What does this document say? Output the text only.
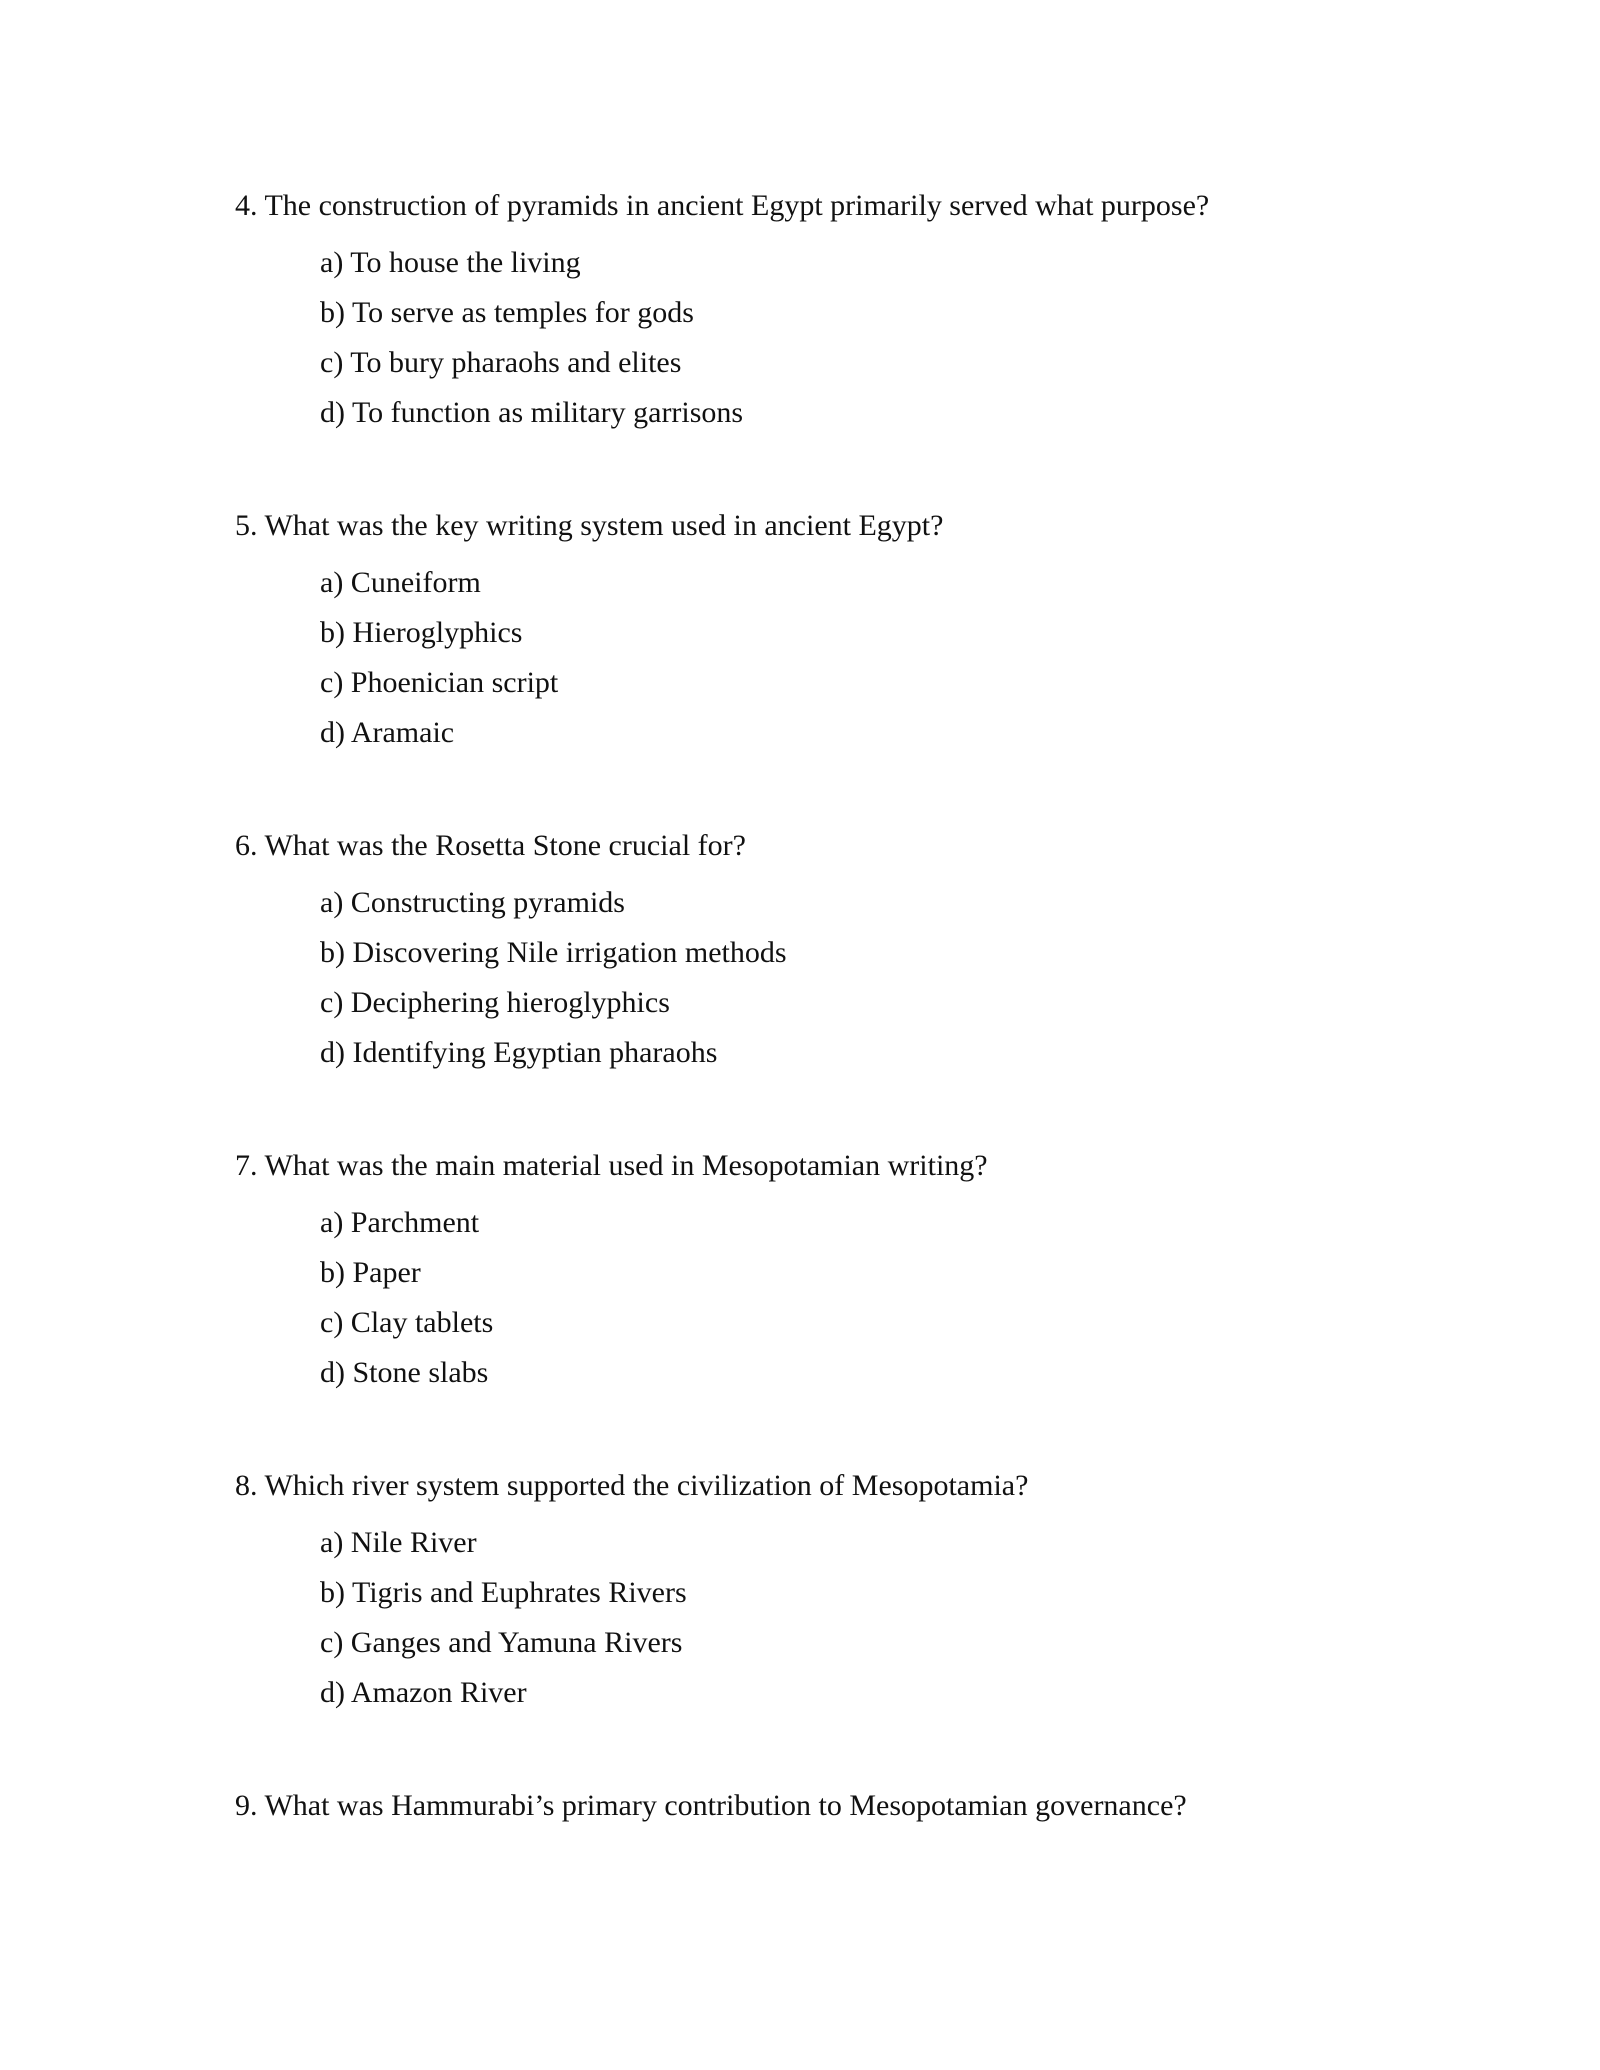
4. The construction of pyramids in ancient Egypt primarily served what purpose?

a) To house the living
b) To serve as temples for gods
c) To bury pharaohs and elites
d) To function as military garrisons

5. What was the key writing system used in ancient Egypt?

a) Cuneiform
b) Hieroglyphics
c) Phoenician script
d) Aramaic

6. What was the Rosetta Stone crucial for?

a) Constructing pyramids
b) Discovering Nile irrigation methods
c) Deciphering hieroglyphics
d) Identifying Egyptian pharaohs

7. What was the main material used in Mesopotamian writing?

a) Parchment
b) Paper
c) Clay tablets
d) Stone slabs

8. Which river system supported the civilization of Mesopotamia?

a) Nile River
b) Tigris and Euphrates Rivers
c) Ganges and Yamuna Rivers
d) Amazon River

9. What was Hammurabi’s primary contribution to Mesopotamian governance?
